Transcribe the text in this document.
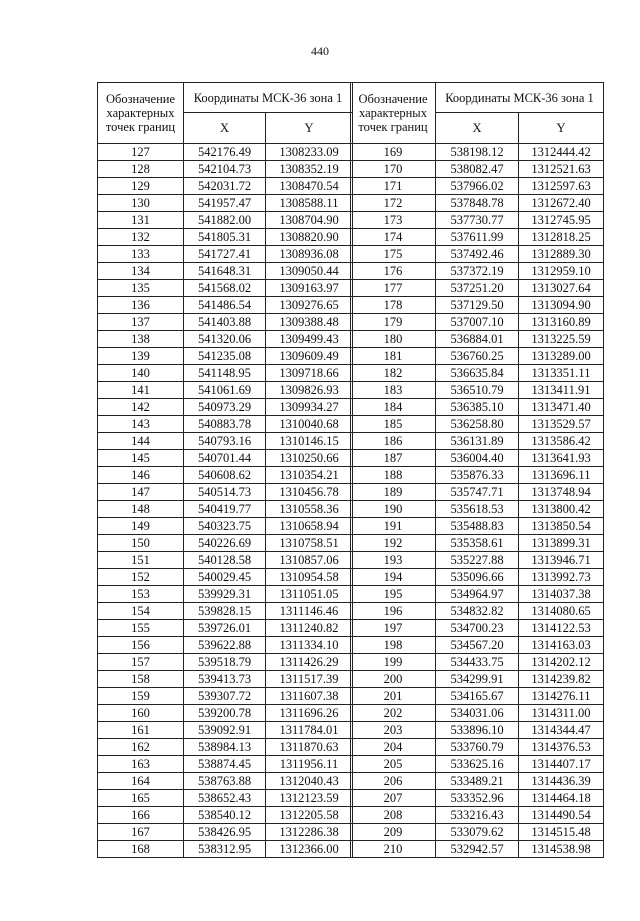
440
Обозначение характерных точек границ	Координаты МСК-36 зона 1	
	X	Y
127	542176.49	1308233.09
128	542104.73	1308352.19
129	542031.72	1308470.54
130	541957.47	1308588.11
131	541882.00	1308704.90
132	541805.31	1308820.90
133	541727.41	1308936.08
134	541648.31	1309050.44
135	541568.02	1309163.97
136	541486.54	1309276.65
137	541403.88	1309388.48
138	541320.06	1309499.43
139	541235.08	1309609.49
140	541148.95	1309718.66
141	541061.69	1309826.93
142	540973.29	1309934.27
143	540883.78	1310040.68
144	540793.16	1310146.15
145	540701.44	1310250.66
146	540608.62	1310354.21
147	540514.73	1310456.78
148	540419.77	1310558.36
149	540323.75	1310658.94
150	540226.69	1310758.51
151	540128.58	1310857.06
152	540029.45	1310954.58
153	539929.31	1311051.05
154	539828.15	1311146.46
155	539726.01	1311240.82
156	539622.88	1311334.10
157	539518.79	1311426.29
158	539413.73	1311517.39
159	539307.72	1311607.38
160	539200.78	1311696.26
161	539092.91	1311784.01
162	538984.13	1311870.63
163	538874.45	1311956.11
164	538763.88	1312040.43
165	538652.43	1312123.59
166	538540.12	1312205.58
167	538426.95	1312286.38
168	538312.95	1312366.00
Обозначение характерных точек границ	Координаты МСК-36 зона 1	
	X	Y
169	538198.12	1312444.42
170	538082.47	1312521.63
171	537966.02	1312597.63
172	537848.78	1312672.40
173	537730.77	1312745.95
174	537611.99	1312818.25
175	537492.46	1312889.30
176	537372.19	1312959.10
177	537251.20	1313027.64
178	537129.50	1313094.90
179	537007.10	1313160.89
180	536884.01	1313225.59
181	536760.25	1313289.00
182	536635.84	1313351.11
183	536510.79	1313411.91
184	536385.10	1313471.40
185	536258.80	1313529.57
186	536131.89	1313586.42
187	536004.40	1313641.93
188	535876.33	1313696.11
189	535747.71	1313748.94
190	535618.53	1313800.42
191	535488.83	1313850.54
192	535358.61	1313899.31
193	535227.88	1313946.71
194	535096.66	1313992.73
195	534964.97	1314037.38
196	534832.82	1314080.65
197	534700.23	1314122.53
198	534567.20	1314163.03
199	534433.75	1314202.12
200	534299.91	1314239.82
201	534165.67	1314276.11
202	534031.06	1314311.00
203	533896.10	1314344.47
204	533760.79	1314376.53
205	533625.16	1314407.17
206	533489.21	1314436.39
207	533352.96	1314464.18
208	533216.43	1314490.54
209	533079.62	1314515.48
210	532942.57	1314538.98
